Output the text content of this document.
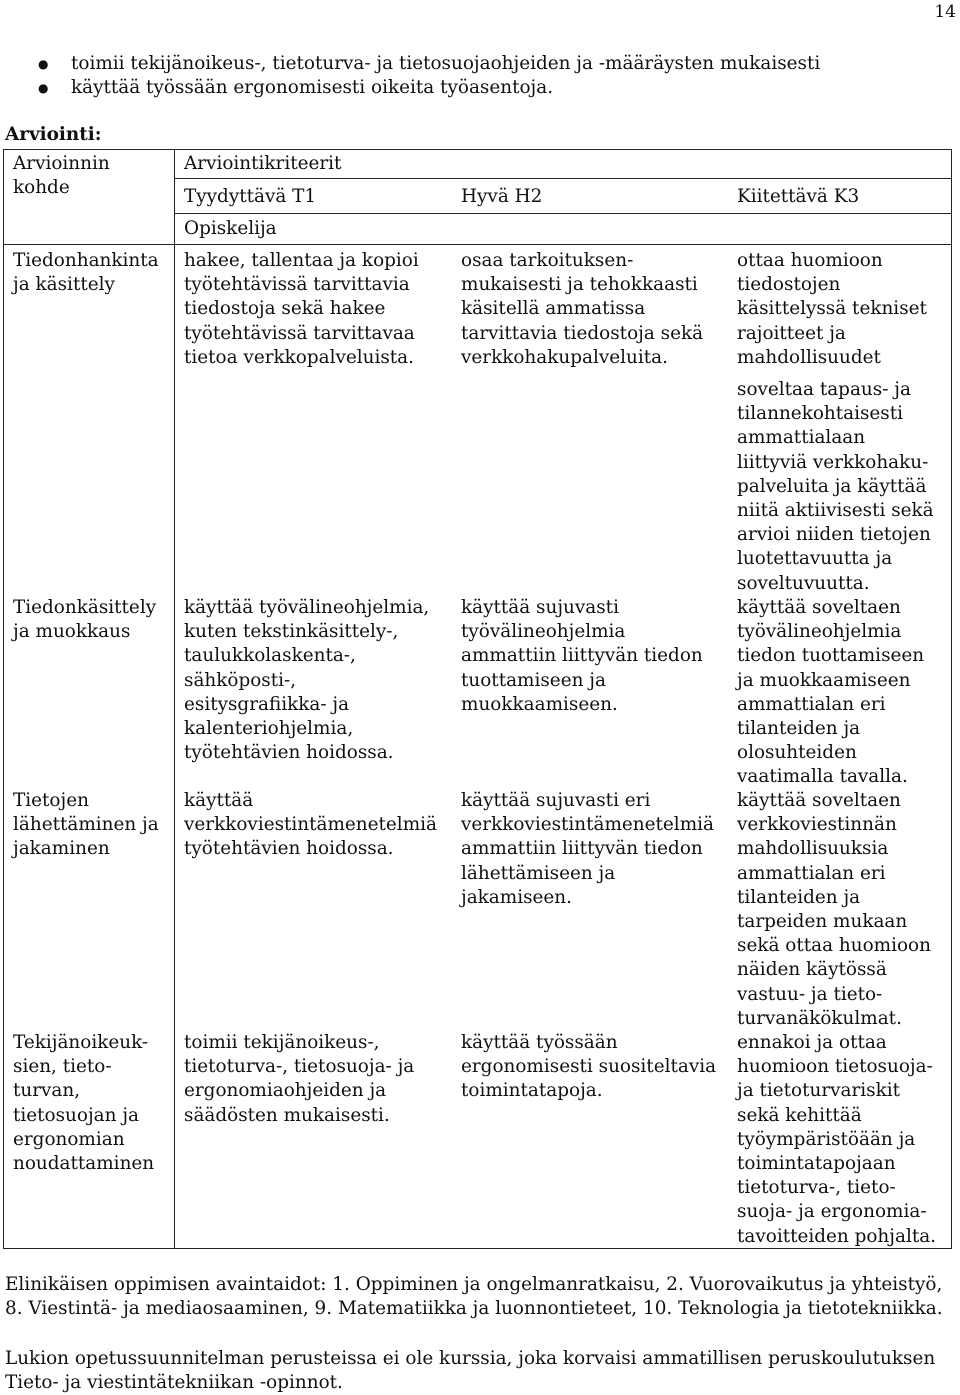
14
● toimii tekijänoikeus-, tietoturva- ja tietosuojaohjeiden ja -määräysten mukaisesti
● käyttää työssään ergonomisesti oikeita työasentoja.
Arviointi:
Arvioinnin
kohde
Arviointikriteerit
Tyydyttävä T1	Hyvä H2	Kiitettävä K3
Opiskelija
Tiedonhankinta
ja käsittely
hakee, tallentaa ja kopioi
työtehtävissä tarvittavia
tiedostoja sekä hakee
työtehtävissä tarvittavaa
tietoa verkkopalveluista.
osaa tarkoituksen-
mukaisesti ja tehokkaasti
käsitellä ammatissa
tarvittavia tiedostoja sekä
verkkohakupalveluita.
ottaa huomioon
tiedostojen
käsittelyssä tekniset
rajoitteet ja
mahdollisuudet
soveltaa tapaus- ja
tilannekohtaisesti
ammattialaan
liittyviä verkkohaku-
palveluita ja käyttää
niitä aktiivisesti sekä
arvioi niiden tietojen
luotettavuutta ja
soveltuvuutta.
Tiedonkäsittely
ja muokkaus
käyttää työvälineohjelmia,
kuten tekstinkäsittely-,
taulukkolaskenta-,
sähköposti-,
esitysgrafiikka- ja
kalenteriohjelmia,
työtehtävien hoidossa.
käyttää sujuvasti
työvälineohjelmia
ammattiin liittyvän tiedon
tuottamiseen ja
muokkaamiseen.
käyttää soveltaen
työvälineohjelmia
tiedon tuottamiseen
ja muokkaamiseen
ammattialan eri
tilanteiden ja
olosuhteiden
vaatimalla tavalla.
Tietojen
lähettäminen ja
jakaminen
käyttää
verkkoviestintämenetelmiä
työtehtävien hoidossa.
käyttää sujuvasti eri
verkkoviestintämenetelmiä
ammattiin liittyvän tiedon
lähettämiseen ja
jakamiseen.
käyttää soveltaen
verkkoviestinnän
mahdollisuuksia
ammattialan eri
tilanteiden ja
tarpeiden mukaan
sekä ottaa huomioon
näiden käytössä
vastuu- ja tieto-
turvanäkökulmat.
Tekijänoikeuk-
sien, tieto-
turvan,
tietosuojan ja
ergonomian
noudattaminen
toimii tekijänoikeus-,
tietoturva-, tietosuoja- ja
ergonomiaohjeiden ja
säädösten mukaisesti.
käyttää työssään
ergonomisesti suositeltavia
toimintatapoja.
ennakoi ja ottaa
huomioon tietosuoja-
ja tietoturvariskit
sekä kehittää
työympäristöään ja
toimintatapojaan
tietoturva-, tieto-
suoja- ja ergonomia-
tavoitteiden pohjalta.
Elinikäisen oppimisen avaintaidot: 1. Oppiminen ja ongelmanratkaisu, 2. Vuorovaikutus ja yhteistyö,
8. Viestintä- ja mediaosaaminen, 9. Matematiikka ja luonnontieteet, 10. Teknologia ja tietotekniikka.
Lukion opetussuunnitelman perusteissa ei ole kurssia, joka korvaisi ammatillisen peruskoulutuksen
Tieto- ja viestintätekniikan -opinnot.
